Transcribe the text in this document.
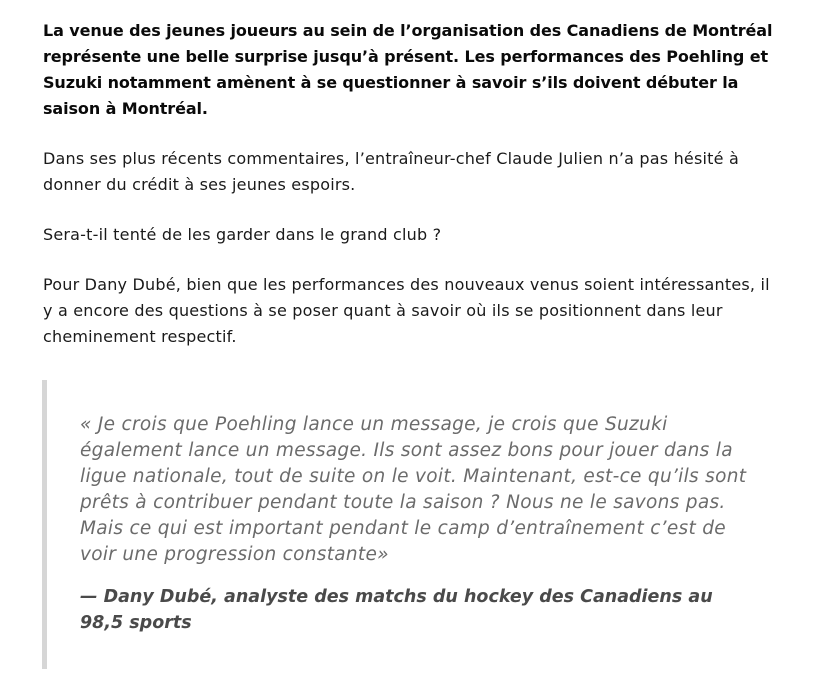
La venue des jeunes joueurs au sein de l’organisation des Canadiens de Montréal représente une belle surprise jusqu’à présent. Les performances des Poehling et Suzuki notamment amènent à se questionner à savoir s’ils doivent débuter la saison à Montréal.

Dans ses plus récents commentaires, l’entraîneur-chef Claude Julien n’a pas hésité à donner du crédit à ses jeunes espoirs.

Sera-t-il tenté de les garder dans le grand club ?

Pour Dany Dubé, bien que les performances des nouveaux venus soient intéressantes, il y a encore des questions à se poser quant à savoir où ils se positionnent dans leur cheminement respectif.

« Je crois que Poehling lance un message, je crois que Suzuki également lance un message. Ils sont assez bons pour jouer dans la ligue nationale, tout de suite on le voit. Maintenant, est-ce qu’ils sont prêts à contribuer pendant toute la saison ? Nous ne le savons pas. Mais ce qui est important pendant le camp d’entraînement c’est de voir une progression constante»

— Dany Dubé, analyste des matchs du hockey des Canadiens au 98,5 sports
